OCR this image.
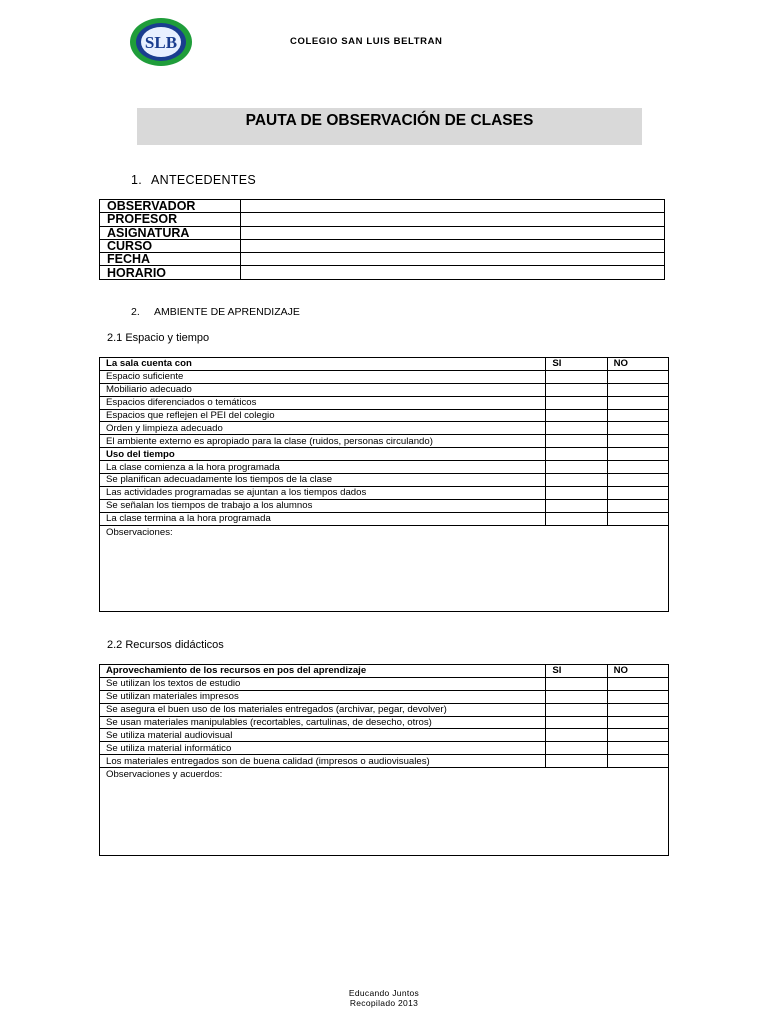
SLB	COLEGIO SAN LUIS BELTRAN
PAUTA DE OBSERVACIÓN DE CLASES
1. ANTECEDENTES
OBSERVADOR	
PROFESOR	
ASIGNATURA	
CURSO	
FECHA	
HORARIO	
2. AMBIENTE DE APRENDIZAJE
2.1 Espacio y tiempo
La sala cuenta con	SI	NO
Espacio suficiente		
Mobiliario adecuado		
Espacios diferenciados o temáticos		
Espacios que reflejen el PEI del colegio		
Orden y limpieza adecuado		
El ambiente externo es apropiado para la clase (ruidos, personas circulando)		
Uso del tiempo		
La clase comienza a la hora programada		
Se planifican adecuadamente los tiempos de la clase		
Las actividades programadas se ajuntan a los tiempos dados		
Se señalan los tiempos de trabajo a los alumnos		
La clase termina a la hora programada		
Observaciones:		
2.2 Recursos didácticos
Aprovechamiento de los recursos en pos del aprendizaje	SI	NO
Se utilizan los textos de estudio		
Se utilizan materiales impresos		
Se asegura el buen uso de los materiales entregados (archivar, pegar, devolver)		
Se usan materiales manipulables (recortables, cartulinas, de desecho, otros)		
Se utiliza material audiovisual		
Se utiliza material informático		
Los materiales entregados son de buena calidad (impresos o audiovisuales)		
Observaciones y acuerdos:		
Educando Juntos
Recopilado 2013
